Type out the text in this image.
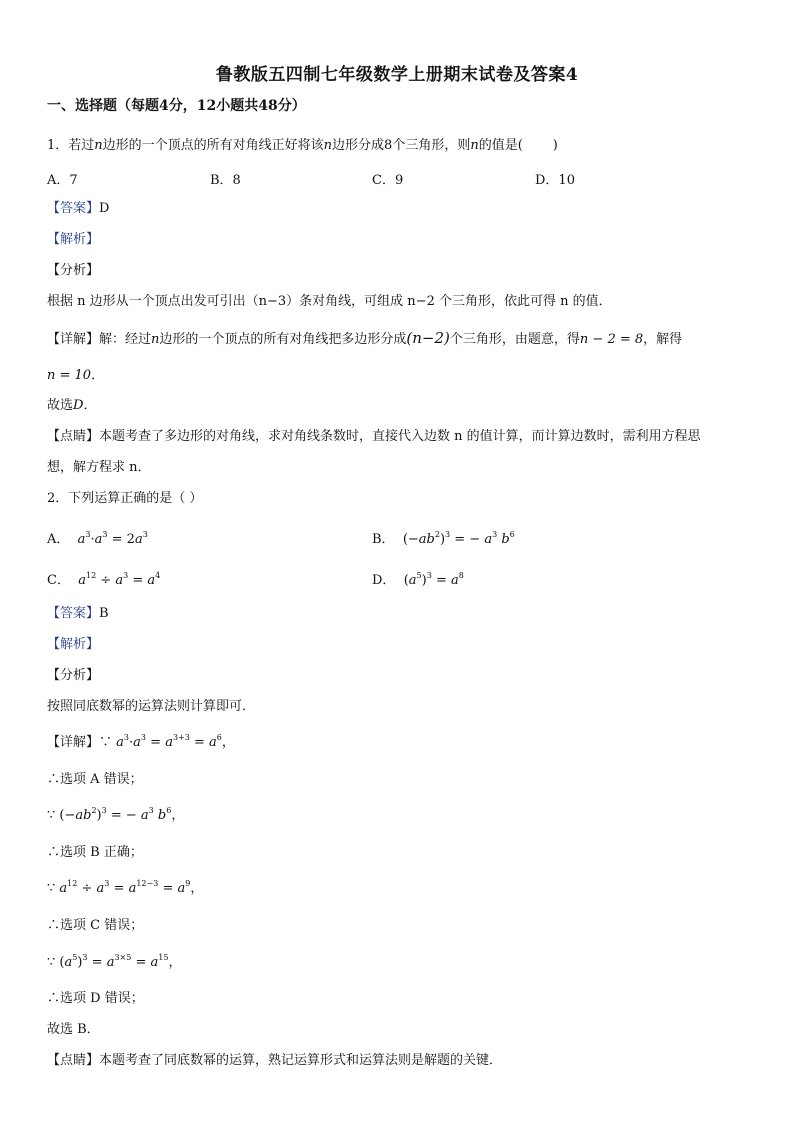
鲁教版五四制七年级数学上册期末试卷及答案4
一、选择题（每题4分，12小题共48分）
1．若过n边形的一个顶点的所有对角线正好将该n边形分成8个三角形，则n的值是( )
A．7	B．8	C．9	D．10
【答案】D
【解析】
【分析】
根据 n 边形从一个顶点出发可引出（n−3）条对角线，可组成 n−2 个三角形，依此可得 n 的值．
【详解】解：经过n边形的一个顶点的所有对角线把多边形分成(n−2)个三角形，由题意，得n − 2 = 8，解得
n = 10．
故选D．
【点睛】本题考查了多边形的对角线，求对角线条数时，直接代入边数 n 的值计算，而计算边数时，需利用方程思
想，解方程求 n．
2．下列运算正确的是（ ）
A． $a^3\cdot a^3 = 2a^3$	B．  $(-ab^2)^3$ = − $a^3$ $b^6$
C． $a^{12} \div a^3 = a^4$	D．  $(a^5)^3 = a^8$
【答案】B
【解析】
【分析】
按照同底数幂的运算法则计算即可．
【详解】∵ $a^3\cdot a^3 = a^{3+3} = a^6$，
∴选项 A 错误；
∵ $(-ab^2)^3$ = − $a^3$ $b^6$，
∴选项 B 正确；
∵ $a^{12} \div a^3 = a^{12-3} = a^9$，
∴选项 C 错误；
∵ $(a^5)^3 = a^{3\times 5} = a^{15}$，
∴选项 D 错误；
故选 B．
【点睛】本题考查了同底数幂的运算，熟记运算形式和运算法则是解题的关键．
